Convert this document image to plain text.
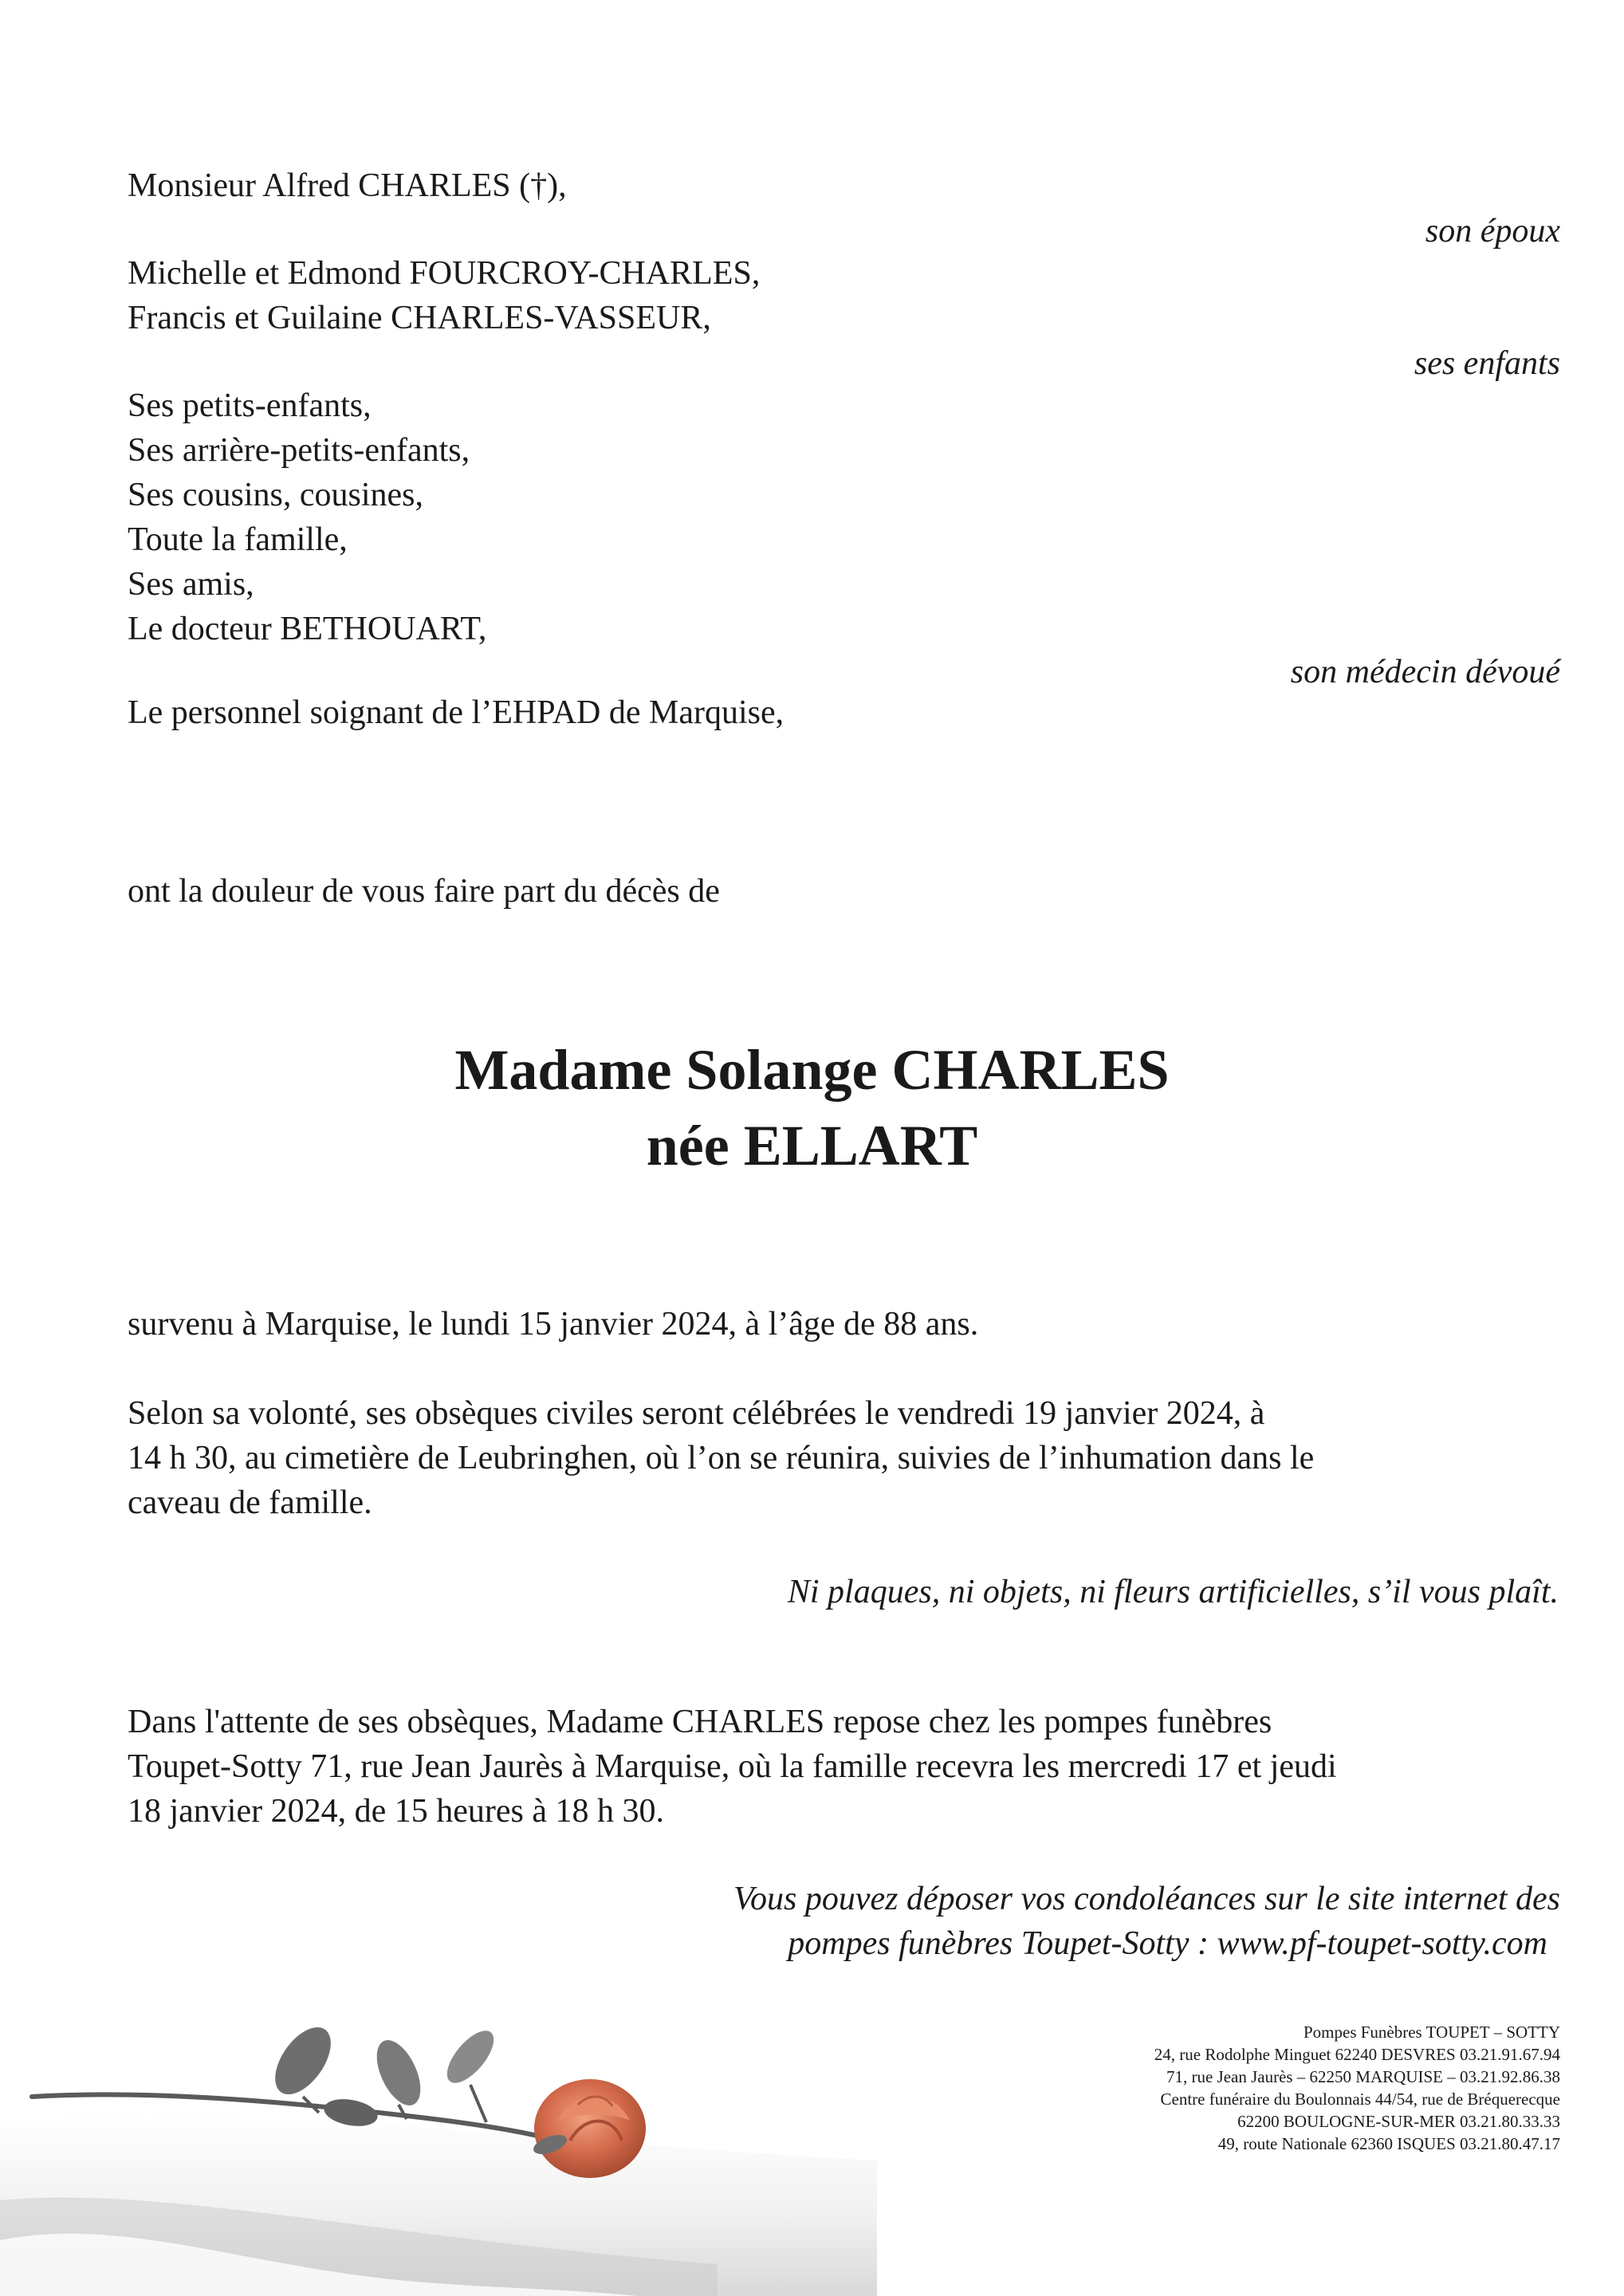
Monsieur Alfred CHARLES (†),
son époux
Michelle et Edmond FOURCROY-CHARLES,
Francis et Guilaine CHARLES-VASSEUR,
ses enfants
Ses petits-enfants,
Ses arrière-petits-enfants,
Ses cousins, cousines,
Toute la famille,
Ses amis,
Le docteur BETHOUART,
son médecin dévoué
Le personnel soignant de l’EHPAD de Marquise,
ont la douleur de vous faire part du décès de
Madame Solange CHARLES
née ELLART
survenu à Marquise, le lundi 15 janvier 2024, à l’âge de 88 ans.
Selon sa volonté, ses obsèques civiles seront célébrées le vendredi 19 janvier 2024, à
14 h 30, au cimetière de Leubringhen, où l’on se réunira, suivies de l’inhumation dans le
caveau de famille.
Ni plaques, ni objets, ni fleurs artificielles, s’il vous plaît.
Dans l'attente de ses obsèques, Madame CHARLES repose chez les pompes funèbres
Toupet-Sotty 71, rue Jean Jaurès à Marquise, où la famille recevra les mercredi 17 et jeudi
18 janvier 2024, de 15 heures à 18 h 30.
Vous pouvez déposer vos condoléances sur le site internet des
pompes funèbres Toupet-Sotty : www.pf-toupet-sotty.com
Pompes Funèbres TOUPET – SOTTY
24, rue Rodolphe Minguet 62240 DESVRES 03.21.91.67.94
71, rue Jean Jaurès – 62250 MARQUISE – 03.21.92.86.38
Centre funéraire du Boulonnais 44/54, rue de Bréquerecque
62200 BOULOGNE-SUR-MER 03.21.80.33.33
49, route Nationale 62360 ISQUES 03.21.80.47.17
